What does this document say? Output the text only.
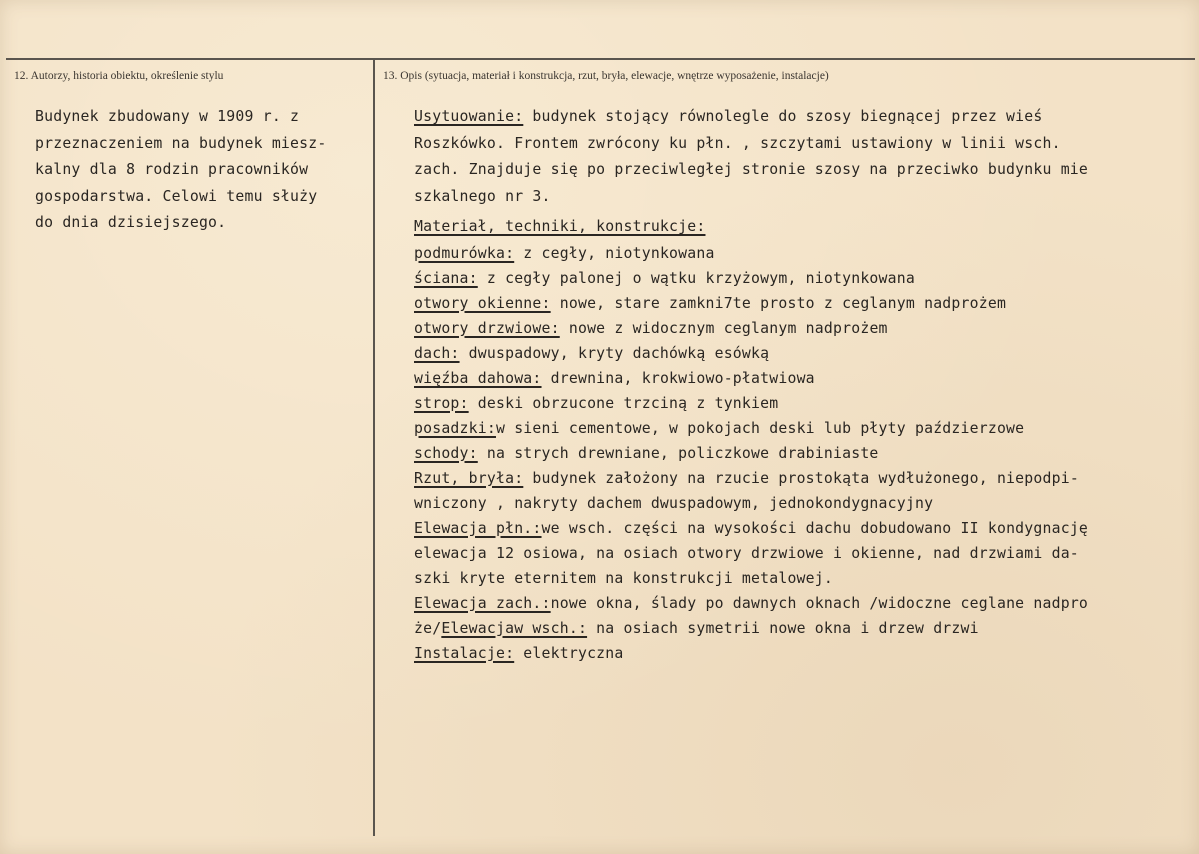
12. Autorzy, historia obiektu, określenie stylu	13. Opis (sytuacja, materiał i konstrukcja, rzut, bryła, elewacje, wnętrze wyposażenie, instalacje)
Budynek zbudowany w 1909 r. z
przeznaczeniem na budynek miesz-
kalny dla 8 rodzin pracowników
gospodarstwa. Celowi temu służy
do dnia dzisiejszego.
Usytuowanie: budynek stojący równolegle do szosy biegnącej przez wieś
Roszkówko. Frontem zwrócony ku płn. , szczytami ustawiony w linii wsch.
zach. Znajduje się po przeciwległej stronie szosy na przeciwko budynku mie
szkalnego nr 3.
Materiał, techniki, konstrukcje:
podmurówka: z cegły, niotynkowana
ściana: z cegły palonej o wątku krzyżowym, niotynkowana
otwory okienne: nowe, stare zamkni7te prosto z ceglanym nadprożem
otwory drzwiowe: nowe z widocznym ceglanym nadprożem
dach: dwuspadowy, kryty dachówką esówką
więźba dahowa: drewnina, krokwiowo-płatwiowa
strop: deski obrzucone trzciną z tynkiem
posadzki:w sieni cementowe, w pokojach deski lub płyty paździerzowe
schody: na strych drewniane, policzkowe drabiniaste
Rzut, bryła: budynek założony na rzucie prostokąta wydłużonego, niepodpi-
wniczony , nakryty dachem dwuspadowym, jednokondygnacyjny
Elewacja płn.:we wsch. części na wysokości dachu dobudowano II kondygnację
elewacja 12 osiowa, na osiach otwory drzwiowe i okienne, nad drzwiami da-
szki kryte eternitem na konstrukcji metalowej.
Elewacja zach.:nowe okna, ślady po dawnych oknach /widoczne ceglane nadpro
że/Elewacjaw wsch.: na osiach symetrii nowe okna i drzew drzwi
Instalacje: elektryczna
